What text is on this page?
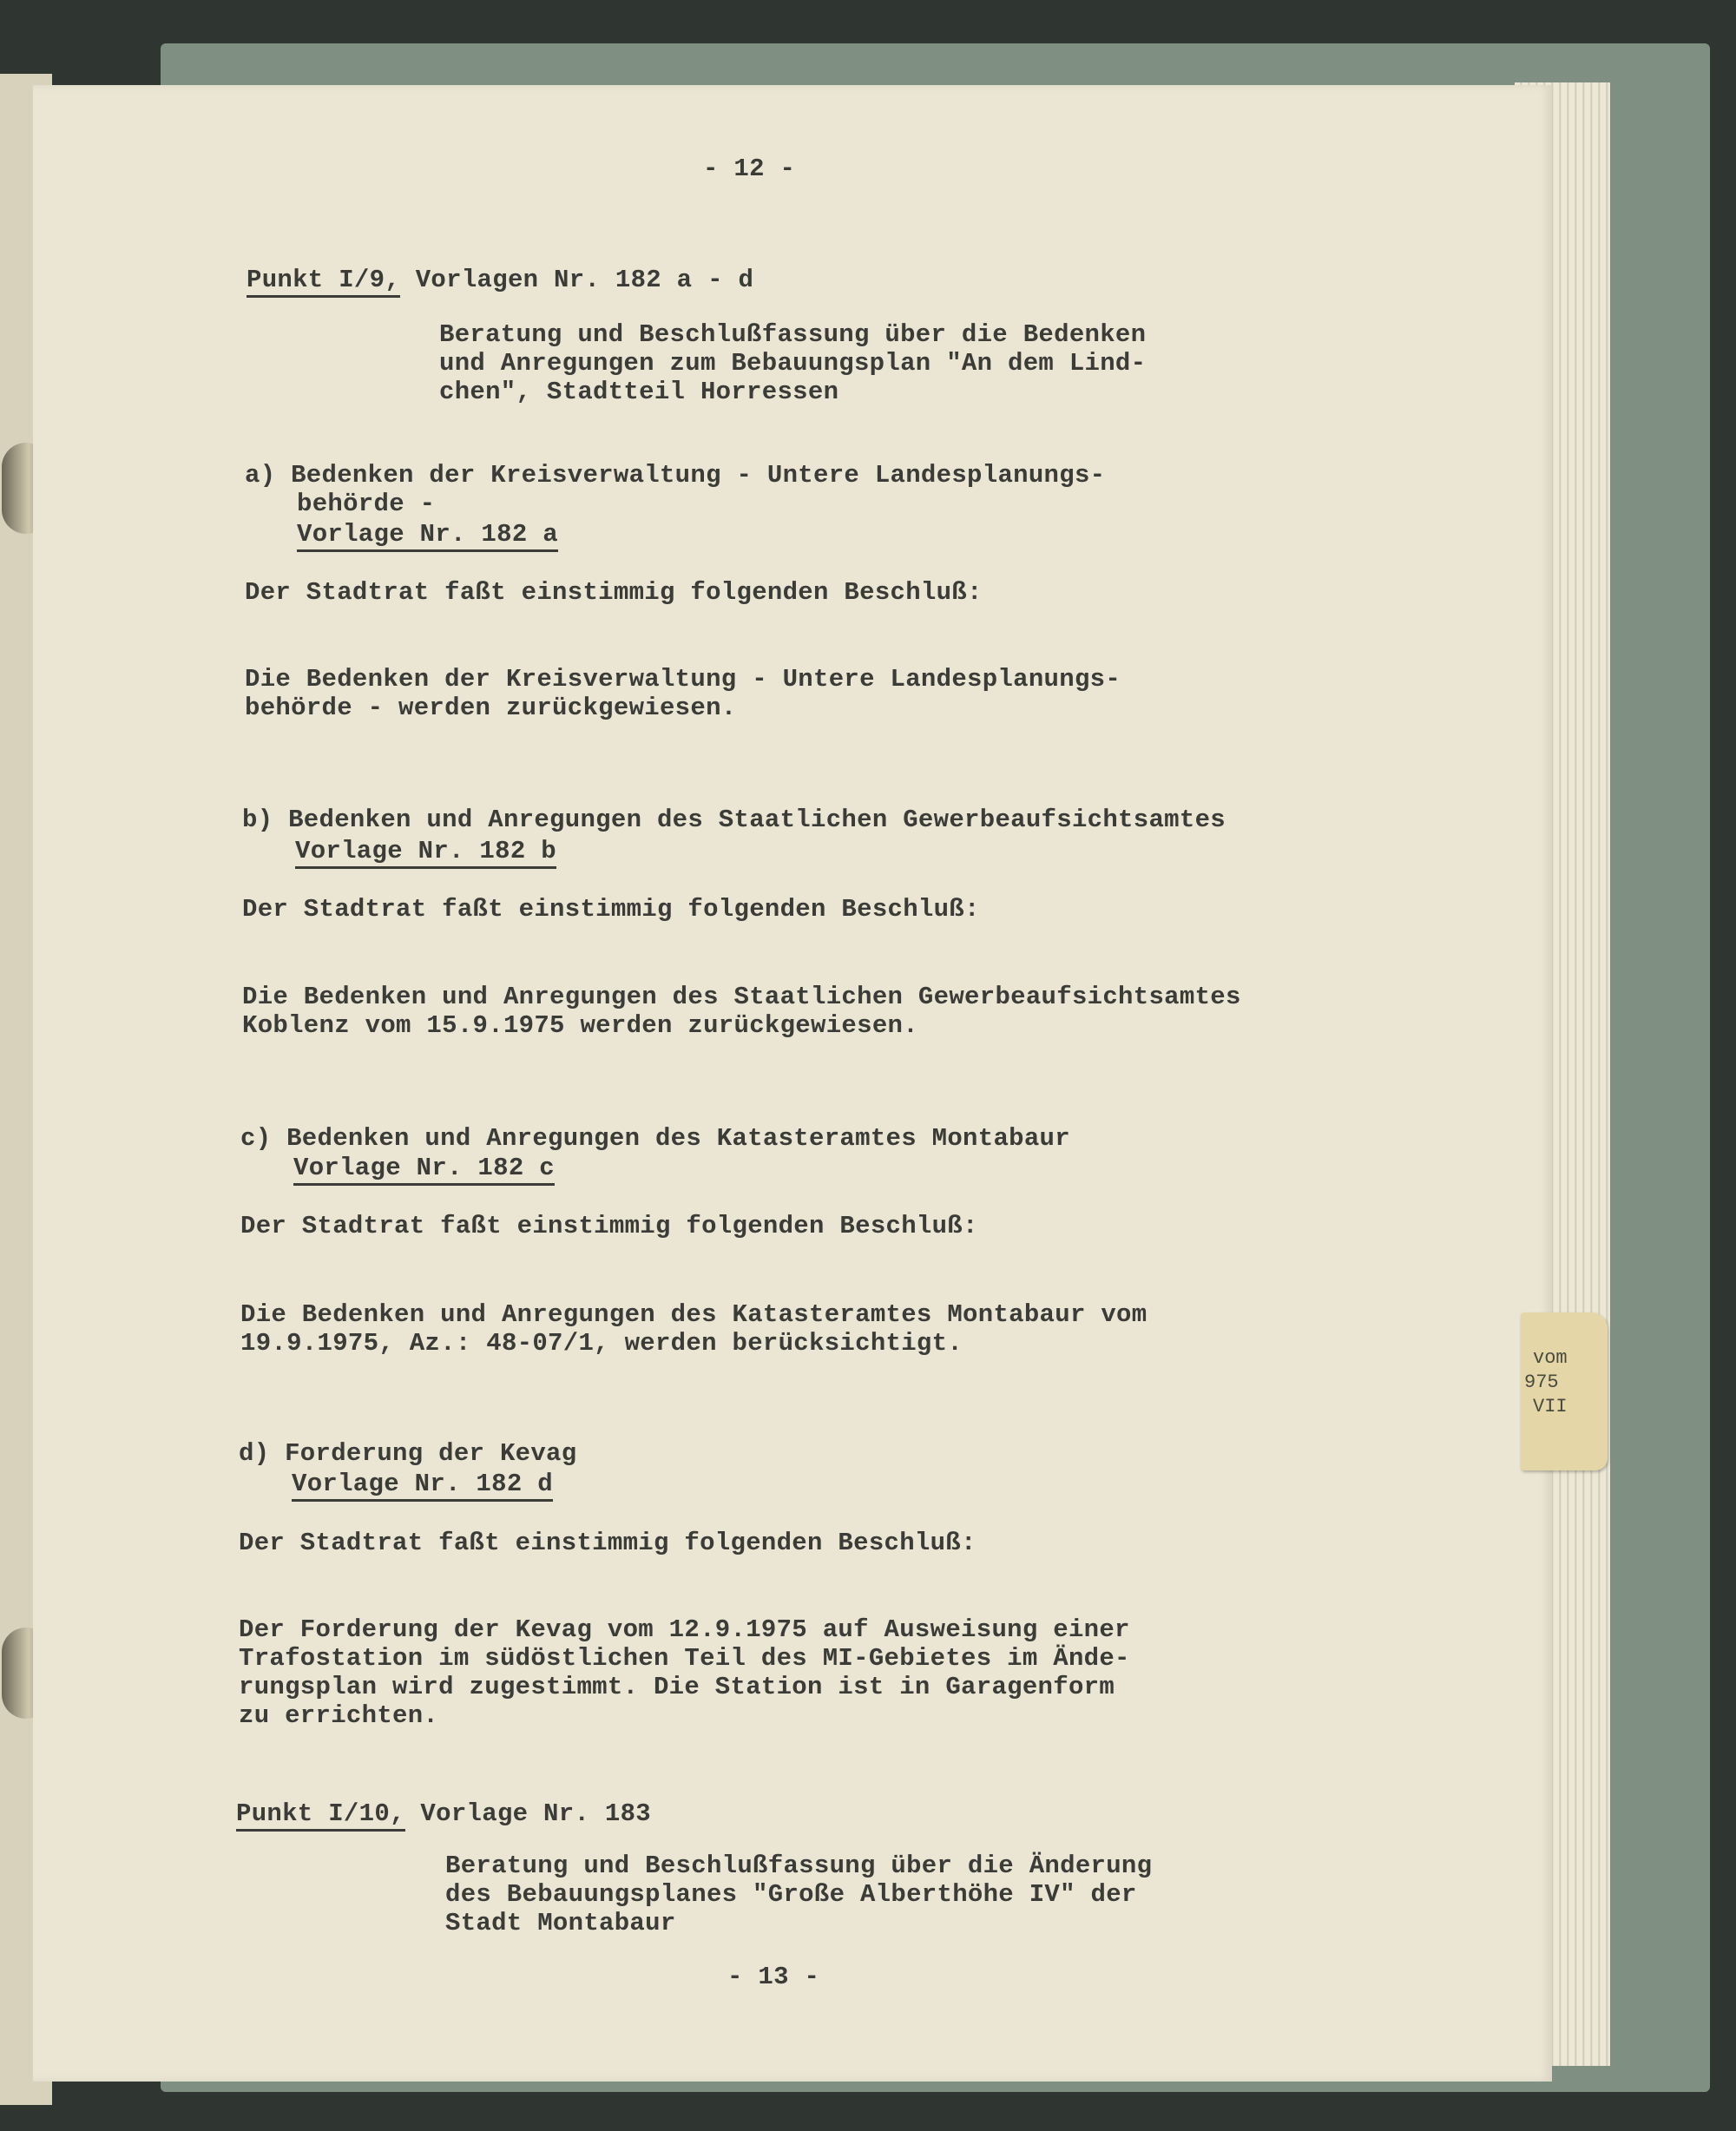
- 12 -

Punkt I/9, Vorlagen Nr. 182 a - d

Beratung und Beschlußfassung über die Bedenken

und Anregungen zum Bebauungsplan "An dem Lind-

chen", Stadtteil Horressen

a) Bedenken der Kreisverwaltung - Untere Landesplanungs-

behörde -

Vorlage Nr. 182 a

Der Stadtrat faßt einstimmig folgenden Beschluß:

Die Bedenken der Kreisverwaltung - Untere Landesplanungs-

behörde - werden zurückgewiesen.

b) Bedenken und Anregungen des Staatlichen Gewerbeaufsichtsamtes

Vorlage Nr. 182 b

Der Stadtrat faßt einstimmig folgenden Beschluß:

Die Bedenken und Anregungen des Staatlichen Gewerbeaufsichtsamtes

Koblenz vom 15.9.1975 werden zurückgewiesen.

c) Bedenken und Anregungen des Katasteramtes Montabaur

Vorlage Nr. 182 c

Der Stadtrat faßt einstimmig folgenden Beschluß:

Die Bedenken und Anregungen des Katasteramtes Montabaur vom

19.9.1975, Az.: 48-07/1, werden berücksichtigt.

d) Forderung der Kevag

Vorlage Nr. 182 d

Der Stadtrat faßt einstimmig folgenden Beschluß:

Der Forderung der Kevag vom 12.9.1975 auf Ausweisung einer

Trafostation im südöstlichen Teil des MI-Gebietes im Ände-

rungsplan wird zugestimmt. Die Station ist in Garagenform

zu errichten.

Punkt I/10, Vorlage Nr. 183

Beratung und Beschlußfassung über die Änderung

des Bebauungsplanes "Große Alberthöhe IV" der

Stadt Montabaur

- 13 -

vom
975
VII
